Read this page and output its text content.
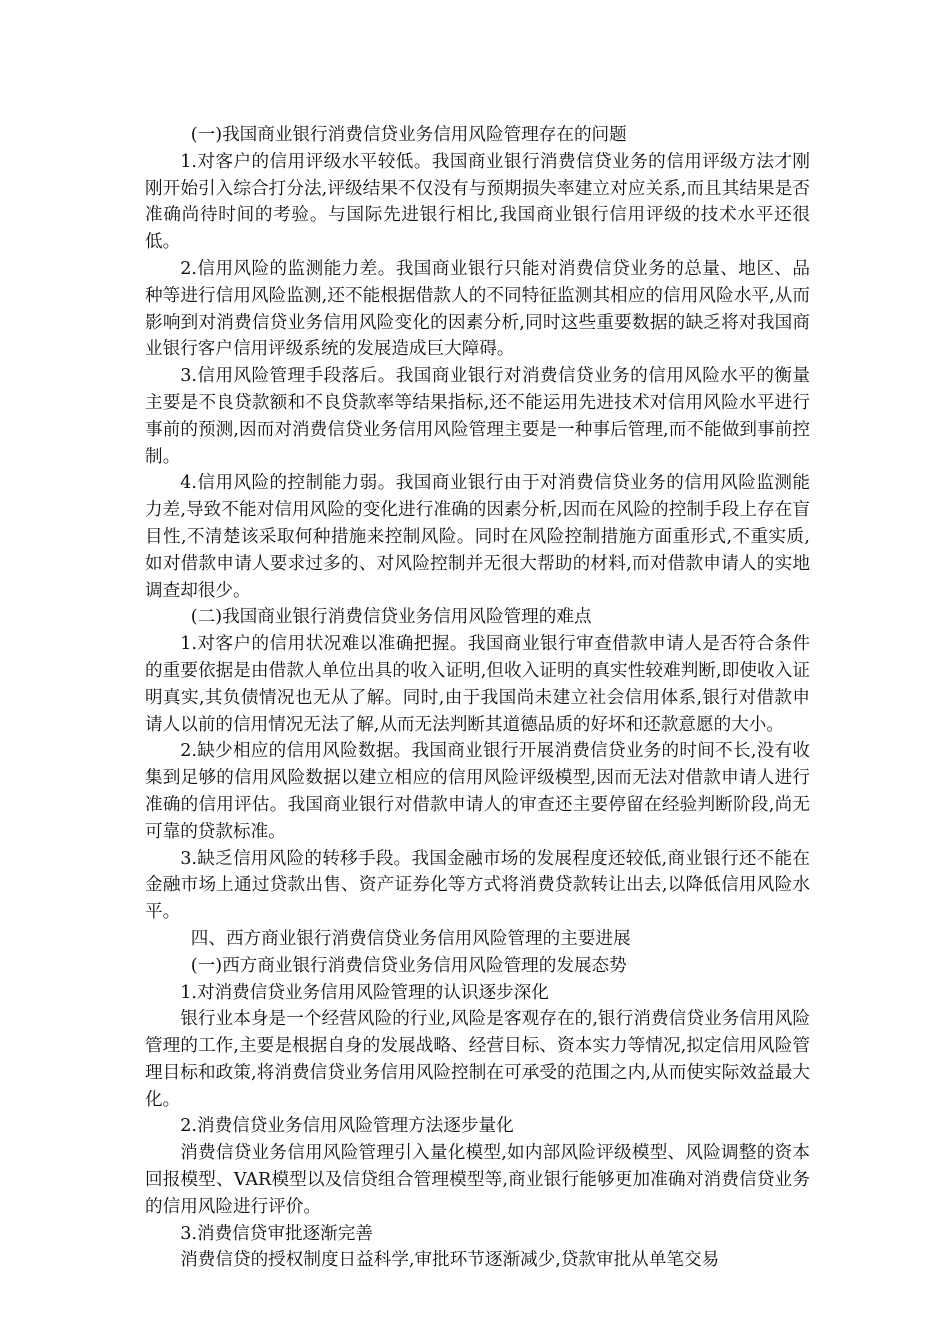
(一)我国商业银行消费信贷业务信用风险管理存在的问题

1.对客户的信用评级水平较低。我国商业银行消费信贷业务的信用评级方法才刚刚开始引入综合打分法,评级结果不仅没有与预期损失率建立对应关系,而且其结果是否准确尚待时间的考验。与国际先进银行相比,我国商业银行信用评级的技术水平还很低。

2.信用风险的监测能力差。我国商业银行只能对消费信贷业务的总量、地区、品种等进行信用风险监测,还不能根据借款人的不同特征监测其相应的信用风险水平,从而影响到对消费信贷业务信用风险变化的因素分析,同时这些重要数据的缺乏将对我国商业银行客户信用评级系统的发展造成巨大障碍。

3.信用风险管理手段落后。我国商业银行对消费信贷业务的信用风险水平的衡量主要是不良贷款额和不良贷款率等结果指标,还不能运用先进技术对信用风险水平进行事前的预测,因而对消费信贷业务信用风险管理主要是一种事后管理,而不能做到事前控制。

4.信用风险的控制能力弱。我国商业银行由于对消费信贷业务的信用风险监测能力差,导致不能对信用风险的变化进行准确的因素分析,因而在风险的控制手段上存在盲目性,不清楚该采取何种措施来控制风险。同时在风险控制措施方面重形式,不重实质,如对借款申请人要求过多的、对风险控制并无很大帮助的材料,而对借款申请人的实地调查却很少。

(二)我国商业银行消费信贷业务信用风险管理的难点

1.对客户的信用状况难以准确把握。我国商业银行审查借款申请人是否符合条件的重要依据是由借款人单位出具的收入证明,但收入证明的真实性较难判断,即使收入证明真实,其负债情况也无从了解。同时,由于我国尚未建立社会信用体系,银行对借款申请人以前的信用情况无法了解,从而无法判断其道德品质的好坏和还款意愿的大小。

2.缺少相应的信用风险数据。我国商业银行开展消费信贷业务的时间不长,没有收集到足够的信用风险数据以建立相应的信用风险评级模型,因而无法对借款申请人进行准确的信用评估。我国商业银行对借款申请人的审查还主要停留在经验判断阶段,尚无可靠的贷款标准。

3.缺乏信用风险的转移手段。我国金融市场的发展程度还较低,商业银行还不能在金融市场上通过贷款出售、资产证券化等方式将消费贷款转让出去,以降低信用风险水平。

四、西方商业银行消费信贷业务信用风险管理的主要进展

(一)西方商业银行消费信贷业务信用风险管理的发展态势

1.对消费信贷业务信用风险管理的认识逐步深化

银行业本身是一个经营风险的行业,风险是客观存在的,银行消费信贷业务信用风险管理的工作,主要是根据自身的发展战略、经营目标、资本实力等情况,拟定信用风险管理目标和政策,将消费信贷业务信用风险控制在可承受的范围之内,从而使实际效益最大化。

2.消费信贷业务信用风险管理方法逐步量化

消费信贷业务信用风险管理引入量化模型,如内部风险评级模型、风险调整的资本回报模型、VAR模型以及信贷组合管理模型等,商业银行能够更加准确对消费信贷业务的信用风险进行评价。

3.消费信贷审批逐渐完善

消费信贷的授权制度日益科学,审批环节逐渐减少,贷款审批从单笔交易
